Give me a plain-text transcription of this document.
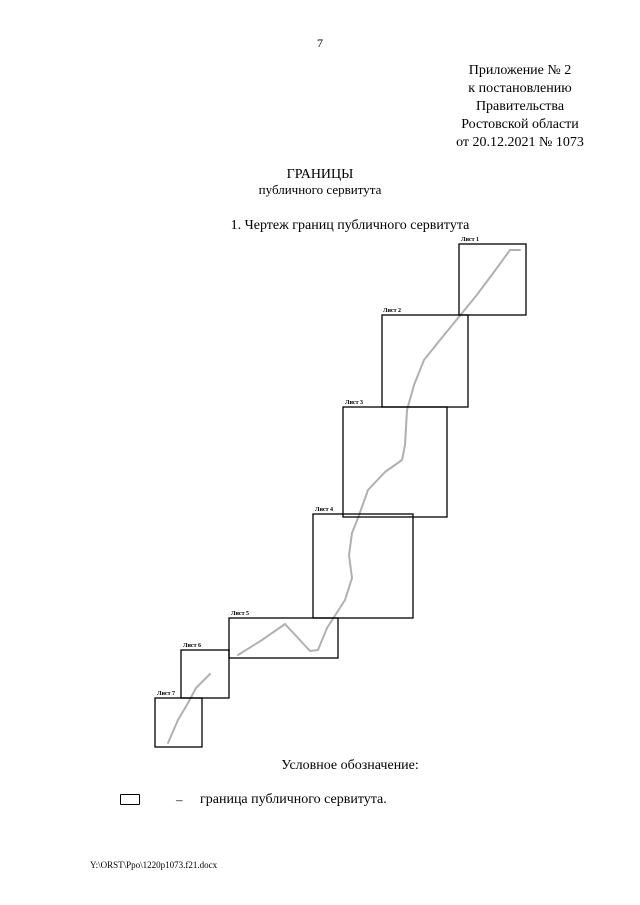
7
Приложение № 2
к постановлению
Правительства
Ростовской области
от 20.12.2021 № 1073
ГРАНИЦЫ
публичного сервитута
1. Чертеж границ публичного сервитута
Лист 1
Лист 2
Лист 3
Лист 4
Лист 5
Лист 6
Лист 7
Условное обозначение:
– граница публичного сервитута.
Y:\ORST\Ppo\1220p1073.f21.docx
